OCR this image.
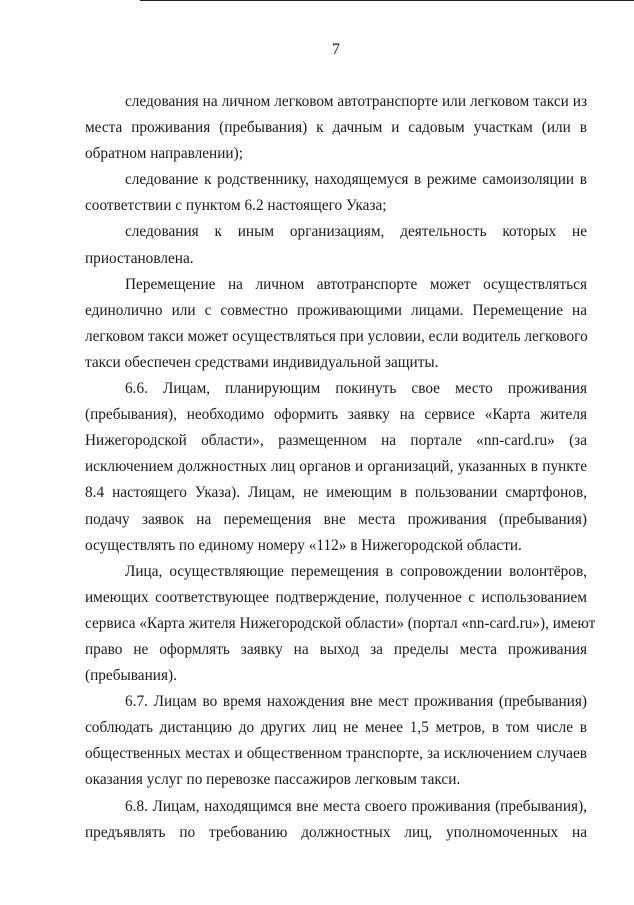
7
следования на личном легковом автотранспорте или легковом такси из
места проживания (пребывания) к дачным и садовым участкам (или в
обратном направлении);
следование к родственнику, находящемуся в режиме самоизоляции в
соответствии с пунктом 6.2 настоящего Указа;
следования к иным организациям, деятельность которых не
приостановлена.
Перемещение на личном автотранспорте может осуществляться
единолично или с совместно проживающими лицами. Перемещение на
легковом такси может осуществляться при условии, если водитель легкового
такси обеспечен средствами индивидуальной защиты.
6.6. Лицам, планирующим покинуть свое место проживания
(пребывания), необходимо оформить заявку на сервисе «Карта жителя
Нижегородской области», размещенном на портале «nn-card.ru» (за
исключением должностных лиц органов и организаций, указанных в пункте
8.4 настоящего Указа). Лицам, не имеющим в пользовании смартфонов,
подачу заявок на перемещения вне места проживания (пребывания)
осуществлять по единому номеру «112» в Нижегородской области.
Лица, осуществляющие перемещения в сопровождении волонтёров,
имеющих соответствующее подтверждение, полученное с использованием
сервиса «Карта жителя Нижегородской области» (портал «nn-card.ru»), имеют
право не оформлять заявку на выход за пределы места проживания
(пребывания).
6.7. Лицам во время нахождения вне мест проживания (пребывания)
соблюдать дистанцию до других лиц не менее 1,5 метров, в том числе в
общественных местах и общественном транспорте, за исключением случаев
оказания услуг по перевозке пассажиров легковым такси.
6.8. Лицам, находящимся вне места своего проживания (пребывания),
предъявлять по требованию должностных лиц, уполномоченных на
